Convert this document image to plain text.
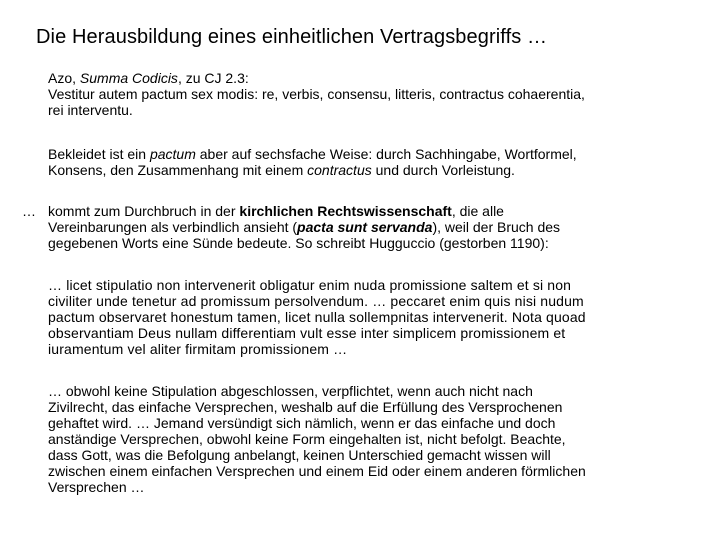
Die Herausbildung eines einheitlichen Vertragsbegriffs …

Azo, Summa Codicis, zu CJ 2.3:
Vestitur autem pactum sex modis: re, verbis, consensu, litteris, contractus cohaerentia,
rei interventu.

Bekleidet ist ein pactum aber auf sechsfache Weise: durch Sachhingabe, Wortformel,
Konsens, den Zusammenhang mit einem contractus und durch Vorleistung.

… kommt zum Durchbruch in der kirchlichen Rechtswissenschaft, die alle
Vereinbarungen als verbindlich ansieht (pacta sunt servanda), weil der Bruch des
gegebenen Worts eine Sünde bedeute. So schreibt Hugguccio (gestorben 1190):

… licet stipulatio non intervenerit obligatur enim nuda promissione saltem et si non
civiliter unde tenetur ad promissum persolvendum. … peccaret enim quis nisi nudum
pactum observaret honestum tamen, licet nulla sollempnitas intervenerit. Nota quoad
observantiam Deus nullam differentiam vult esse inter simplicem promissionem et
iuramentum vel aliter firmitam promissionem …

… obwohl keine Stipulation abgeschlossen, verpflichtet, wenn auch nicht nach
Zivilrecht, das einfache Versprechen, weshalb auf die Erfüllung des Versprochenen
gehaftet wird. … Jemand versündigt sich nämlich, wenn er das einfache und doch
anständige Versprechen, obwohl keine Form eingehalten ist, nicht befolgt. Beachte,
dass Gott, was die Befolgung anbelangt, keinen Unterschied gemacht wissen will
zwischen einem einfachen Versprechen und einem Eid oder einem anderen förmlichen
Versprechen …
